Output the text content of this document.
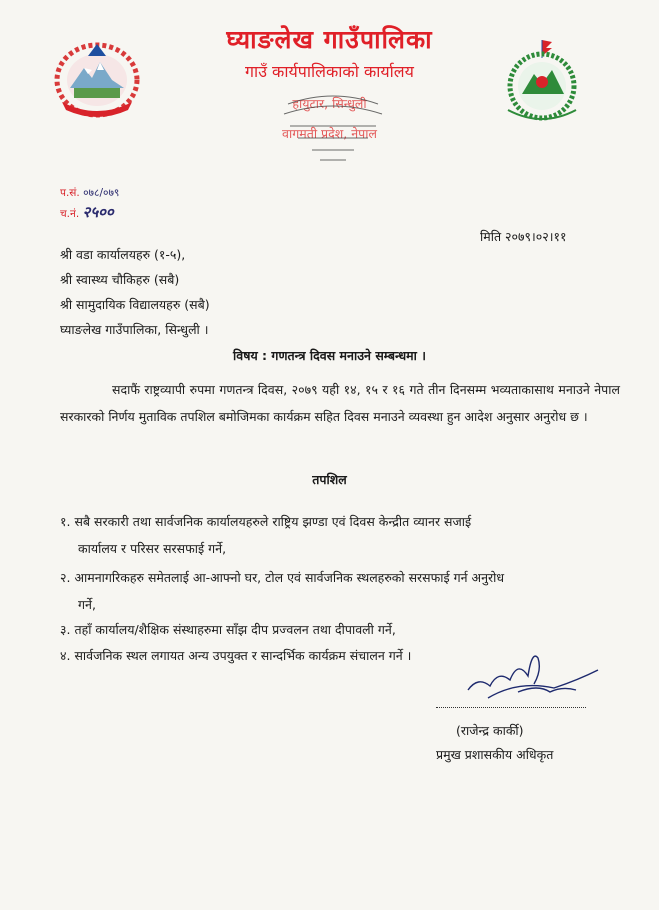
घ्याङलेख गाउँपालिका
गाउँ कार्यपालिकाको कार्यालय
हायुटार, सिन्धुली
वागमती प्रदेश, नेपाल
प.सं. ०७८/०७९
च.नं. २५००
मिति २०७९।०२।११
श्री वडा कार्यालयहरु (१-५),
श्री स्वास्थ्य चौकिहरु (सबै)
श्री सामुदायिक विद्यालयहरु (सबै)
घ्याङलेख गाउँपालिका, सिन्धुली ।
विषय : गणतन्त्र दिवस मनाउने सम्बन्धमा ।
सदाफैं राष्ट्रव्यापी रुपमा गणतन्त्र दिवस, २०७९ यही १४, १५ र १६ गते तीन दिनसम्म भव्यताकासाथ मनाउने नेपाल सरकारको निर्णय मुताविक तपशिल बमोजिमका कार्यक्रम सहित दिवस मनाउने व्यवस्था हुन आदेश अनुसार अनुरोध छ ।
तपशिल
१. सबै सरकारी तथा सार्वजनिक कार्यालयहरुले राष्ट्रिय झण्डा एवं दिवस केन्द्रीत व्यानर सजाई
कार्यालय र परिसर सरसफाई गर्ने,
२. आमनागरिकहरु समेतलाई आ-आफ्नो घर, टोल एवं सार्वजनिक स्थलहरुको सरसफाई गर्न अनुरोध
गर्ने,
३. तहाँ कार्यालय/शैक्षिक संस्थाहरुमा साँझ दीप प्रज्वलन तथा दीपावली गर्ने,
४. सार्वजनिक स्थल लगायत अन्य उपयुक्त र सान्दर्भिक कार्यक्रम संचालन गर्ने ।
(राजेन्द्र कार्की)
प्रमुख प्रशासकीय अधिकृत
